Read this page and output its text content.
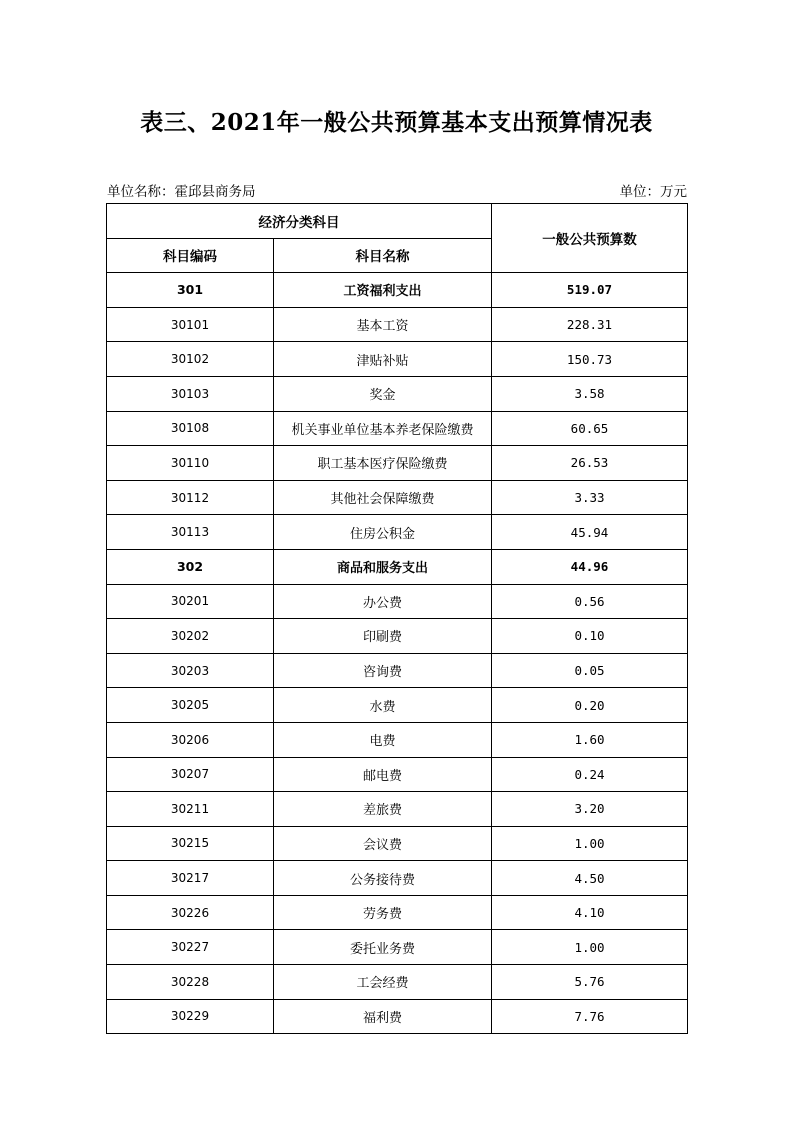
表三、2021年一般公共预算基本支出预算情况表
单位名称：霍邱县商务局	单位：万元
经济分类科目		一般公共预算数
科目编码	科目名称	
301	工资福利支出	519.07
30101	基本工资	228.31
30102	津贴补贴	150.73
30103	奖金	3.58
30108	机关事业单位基本养老保险缴费	60.65
30110	职工基本医疗保险缴费	26.53
30112	其他社会保障缴费	3.33
30113	住房公积金	45.94
302	商品和服务支出	44.96
30201	办公费	0.56
30202	印刷费	0.10
30203	咨询费	0.05
30205	水费	0.20
30206	电费	1.60
30207	邮电费	0.24
30211	差旅费	3.20
30215	会议费	1.00
30217	公务接待费	4.50
30226	劳务费	4.10
30227	委托业务费	1.00
30228	工会经费	5.76
30229	福利费	7.76
